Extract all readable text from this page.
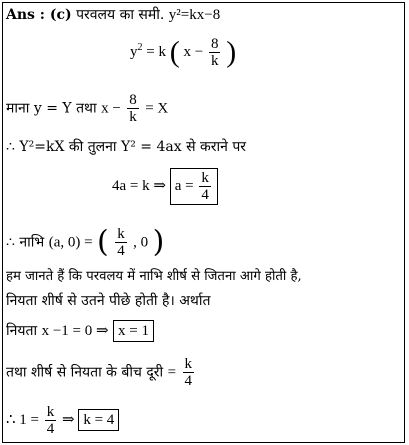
Ans : (c) परवलय का समी. y²=kx−8
$y^2 = k$ ( $x - \frac{8}{k}$ )
माना y = Y तथा $x - \frac{8}{k} = X$
∴ Y²=kX की तुलना Y² = 4ax से कराने पर
4a = k ⇒ $a = \frac{k}{4}$
∴ नाभि (a, 0) = ( $\frac{k}{4}$ , 0 )
हम जानते हैं कि परवलय में नाभि शीर्ष से जितना आगे होती है,
नियता शीर्ष से उतने पीछे होती है। अर्थात
नियता x −1 = 0 ⇒ x = 1
तथा शीर्ष से नियता के बीच दूरी = $\frac{k}{4}$
∴ $1 = \frac{k}{4}$ ⇒ k = 4
